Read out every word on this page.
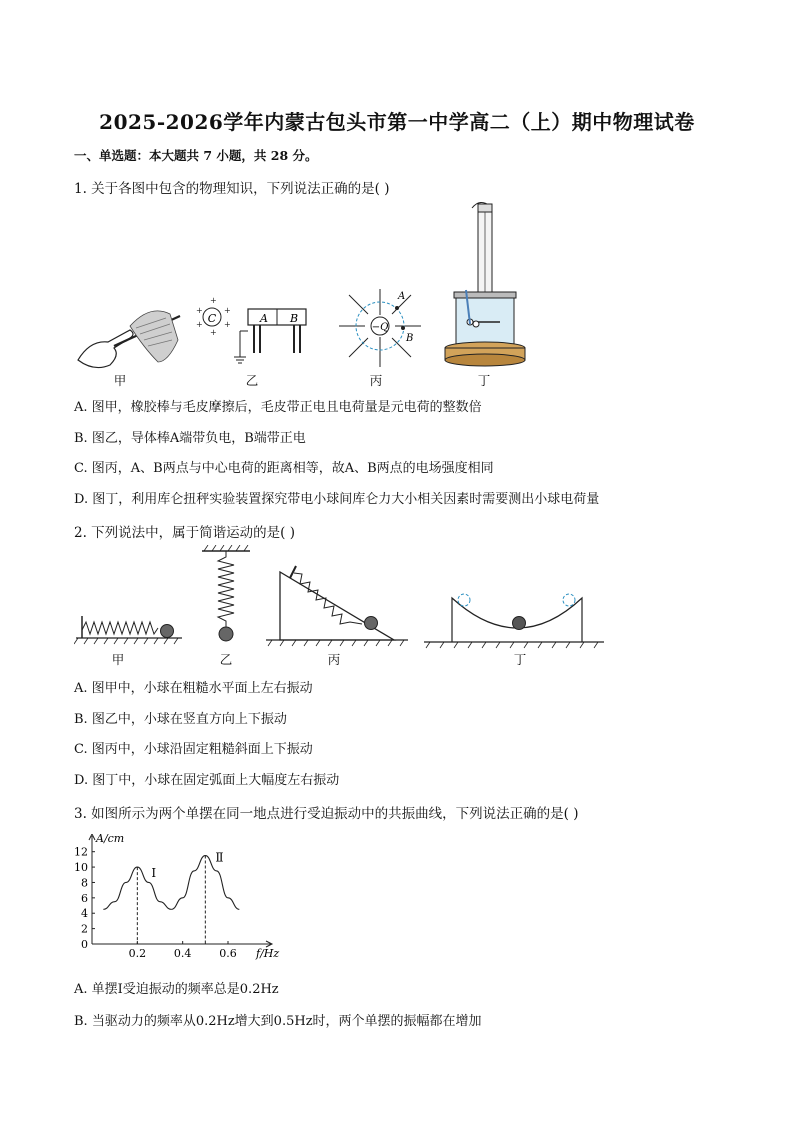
2025-2026学年内蒙古包头市第一中学高二（上）期中物理试卷
一、单选题：本大题共 7 小题，共 28 分。
1. 关于各图中包含的物理知识，下列说法正确的是( )
甲
C
+
+	+
+	+
+
A B
乙
−Q
A
B
丙	丁
A. 图甲，橡胶棒与毛皮摩擦后，毛皮带正电且电荷量是元电荷的整数倍
B. 图乙，导体棒A端带负电，B端带正电
C. 图丙，A、B两点与中心电荷的距离相等，故A、B两点的电场强度相同
D. 图丁，利用库仑扭秤实验装置探究带电小球间库仑力大小相关因素时需要测出小球电荷量
2. 下列说法中，属于简谐运动的是( )
甲	乙	丙	丁
A. 图甲中，小球在粗糙水平面上左右振动
B. 图乙中，小球在竖直方向上下振动
C. 图丙中，小球沿固定粗糙斜面上下振动
D. 图丁中，小球在固定弧面上大幅度左右振动
3. 如图所示为两个单摆在同一地点进行受迫振动中的共振曲线，下列说法正确的是( )
A/cm
f/Hz
0
2
4
6
8
10
12
0.2	0.4	0.6
I
Ⅱ
A. 单摆I受迫振动的频率总是0.2Hz
B. 当驱动力的频率从0.2Hz增大到0.5Hz时，两个单摆的振幅都在增加
